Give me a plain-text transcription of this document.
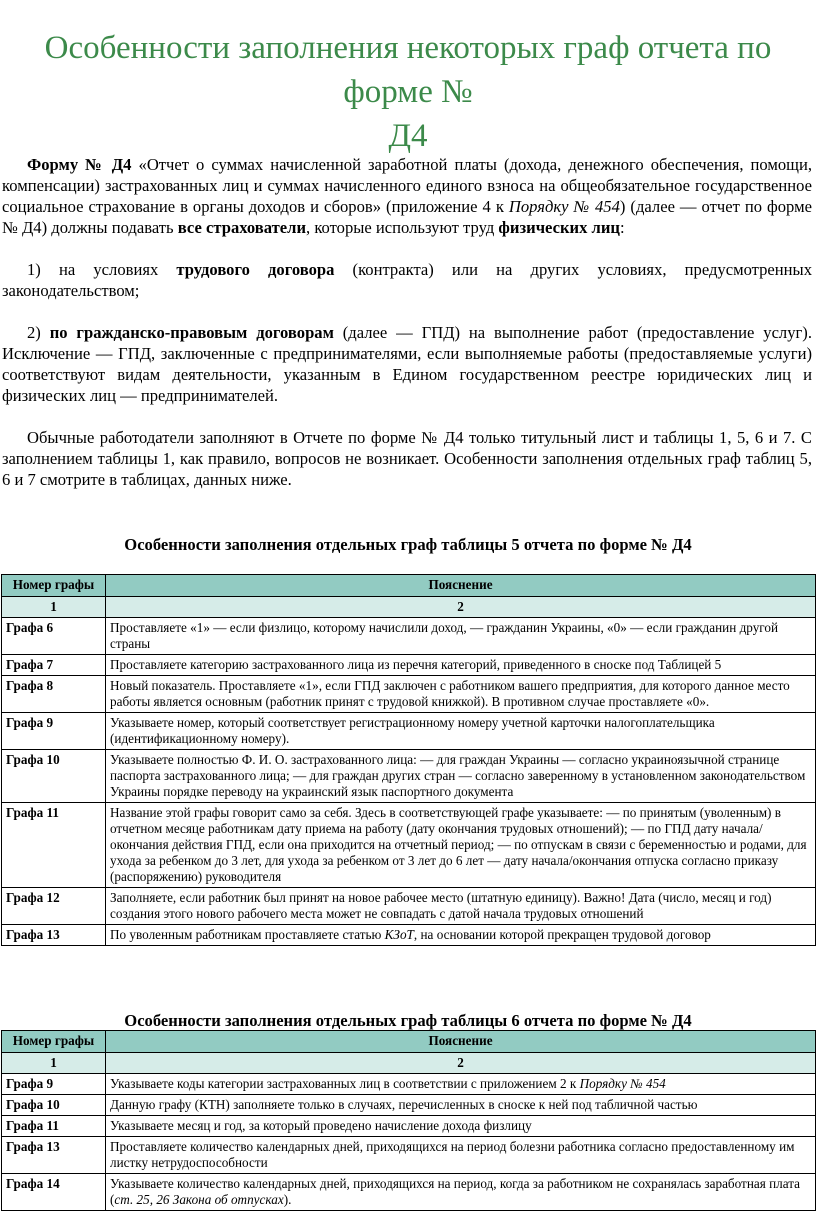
Особенности заполнения некоторых граф отчета по форме №
Д4

Форму № Д4 «Отчет о суммах начисленной заработной платы (дохода, денежного обеспечения, помощи, компенсации) застрахованных лиц и суммах начисленного единого взноса на общеобязательное государственное социальное страхование в органы доходов и сборов» (приложение 4 к Порядку № 454) (далее — отчет по форме № Д4) должны подавать все страхователи, которые используют труд физических лиц:

1) на условиях трудового договора (контракта) или на других условиях, предусмотренных законодательством;

2) по гражданско-правовым договорам (далее — ГПД) на выполнение работ (предоставление услуг). Исключение — ГПД, заключенные с предпринимателями, если выполняемые работы (предоставляемые услуги) соответствуют видам деятельности, указанным в Едином государственном реестре юридических лиц и физических лиц — предпринимателей.

Обычные работодатели заполняют в Отчете по форме № Д4 только титульный лист и таблицы 1, 5, 6 и 7. С заполнением таблицы 1, как правило, вопросов не возникает. Особенности заполнения отдельных граф таблиц 5, 6 и 7 смотрите в таблицах, данных ниже.

Особенности заполнения отдельных граф таблицы 5 отчета по форме № Д4
Номер графы	Пояснение
1	2
Графа 6	Проставляете «1» — если физлицо, которому начислили доход, — гражданин Украины, «0» — если гражданин другой страны
Графа 7	Проставляете категорию застрахованного лица из перечня категорий, приведенного в сноске под Таблицей 5
Графа 8	Новый показатель. Проставляете «1», если ГПД заключен с работником вашего предприятия, для которого данное место работы является основным (работник принят с трудовой книжкой). В противном случае проставляете «0».
Графа 9	Указываете номер, который соответствует регистрационному номеру учетной карточки налогоплательщика (идентификационному номеру).
Графа 10	Указываете полностью Ф. И. О. застрахованного лица: — для граждан Украины — согласно украиноязычной странице паспорта застрахованного лица; — для граждан других стран — согласно заверенному в установленном законодательством Украины порядке переводу на украинский язык паспортного документа
Графа 11	Название этой графы говорит само за себя. Здесь в соответствующей графе указываете: — по принятым (уволенным) в отчетном месяце работникам дату приема на работу (дату окончания трудовых отношений); — по ГПД дату начала/окончания действия ГПД, если она приходится на отчетный период; — по отпускам в связи с беременностью и родами, для ухода за ребенком до 3 лет, для ухода за ребенком от 3 лет до 6 лет — дату начала/окончания отпуска согласно приказу (распоряжению) руководителя
Графа 12	Заполняете, если работник был принят на новое рабочее место (штатную единицу). Важно! Дата (число, месяц и год) создания этого нового рабочего места может не совпадать с датой начала трудовых отношений
Графа 13	По уволенным работникам проставляете статью КЗоТ, на основании которой прекращен трудовой договор
Особенности заполнения отдельных граф таблицы 6 отчета по форме № Д4
Номер графы	Пояснение
1	2
Графа 9	Указываете коды категории застрахованных лиц в соответствии с приложением 2 к Порядку № 454
Графа 10	Данную графу (КТН) заполняете только в случаях, перечисленных в сноске к ней под табличной частью
Графа 11	Указываете месяц и год, за который проведено начисление дохода физлицу
Графа 13	Проставляете количество календарных дней, приходящихся на период болезни работника согласно предоставленному им листку нетрудоспособности
Графа 14	Указываете количество календарных дней, приходящихся на период, когда за работником не сохранялась заработная плата (ст. 25, 26 Закона об отпусках).
